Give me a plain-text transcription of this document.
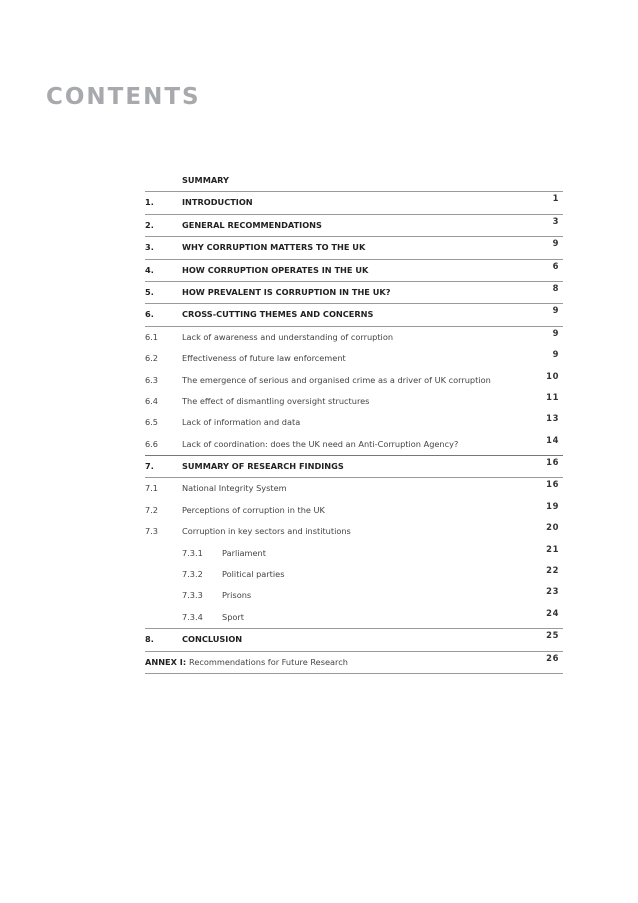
CONTENTS
SUMMARY
1.	INTRODUCTION	1
2.	GENERAL RECOMMENDATIONS	3
3.	WHY CORRUPTION MATTERS TO THE UK	9
4.	HOW CORRUPTION OPERATES IN THE UK	6
5.	HOW PREVALENT IS CORRUPTION IN THE UK?	8
6.	CROSS-CUTTING THEMES AND CONCERNS	9
6.1	Lack of awareness and understanding of corruption	9
6.2	Effectiveness of future law enforcement	9
6.3	The emergence of serious and organised crime as a driver of UK corruption	10
6.4	The effect of dismantling oversight structures	11
6.5	Lack of information and data	13
6.6	Lack of coordination: does the UK need an Anti-Corruption Agency?	14
7.	SUMMARY OF RESEARCH FINDINGS	16
7.1	National Integrity System	16
7.2	Perceptions of corruption in the UK	19
7.3	Corruption in key sectors and institutions	20
7.3.1 Parliament	21
7.3.2 Political parties	22
7.3.3 Prisons	23
7.3.4 Sport	24
8.	CONCLUSION	25
ANNEX I: Recommendations for Future Research	26
